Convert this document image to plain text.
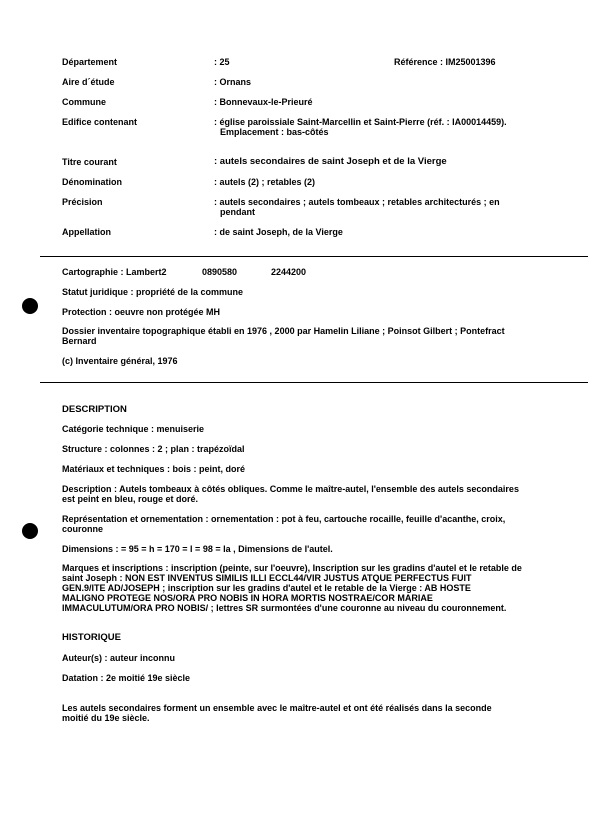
Département	: 25	Référence : IM25001396
Aire d´étude	: Ornans
Commune	: Bonnevaux-le-Prieuré
Edifice contenant	: église paroissiale Saint-Marcellin et Saint-Pierre (réf. : IA00014459).
Emplacement : bas-côtés
Titre courant	: autels secondaires de saint Joseph et de la Vierge
Dénomination	: autels (2) ; retables (2)
Précision	: autels secondaires ; autels tombeaux ; retables architecturés ; en
pendant
Appellation	: de saint Joseph, de la Vierge
Cartographie : Lambert2	0890580	2244200
Statut juridique : propriété de la commune
Protection : oeuvre non protégée MH
Dossier inventaire topographique établi en 1976 , 2000 par Hamelin Liliane ; Poinsot Gilbert ; Pontefract
Bernard
(c) Inventaire général, 1976
DESCRIPTION
Catégorie technique : menuiserie
Structure : colonnes : 2 ; plan : trapézoïdal
Matériaux et techniques : bois : peint, doré
Description : Autels tombeaux à côtés obliques. Comme le maître-autel, l'ensemble des autels secondaires
est peint en bleu, rouge et doré.
Représentation et ornementation : ornementation : pot à feu, cartouche rocaille, feuille d'acanthe, croix,
couronne
Dimensions : = 95 = h = 170 = l = 98 = la , Dimensions de l'autel.
Marques et inscriptions : inscription (peinte, sur l'oeuvre), Inscription sur les gradins d'autel et le retable de
saint Joseph : NON EST INVENTUS SIMILIS ILLI ECCL44/VIR JUSTUS ATQUE PERFECTUS FUIT
GEN.9/ITE AD/JOSEPH ; inscription sur les gradins d'autel et le retable de la Vierge : AB HOSTE
MALIGNO PROTEGE NOS/ORA PRO NOBIS IN HORA MORTIS NOSTRAE/COR MARIAE
IMMACULUTUM/ORA PRO NOBIS/ ; lettres SR surmontées d'une couronne au niveau du couronnement.
HISTORIQUE
Auteur(s) : auteur inconnu
Datation : 2e moitié 19e siècle
Les autels secondaires forment un ensemble avec le maître-autel et ont été réalisés dans la seconde
moitié du 19e siècle.
